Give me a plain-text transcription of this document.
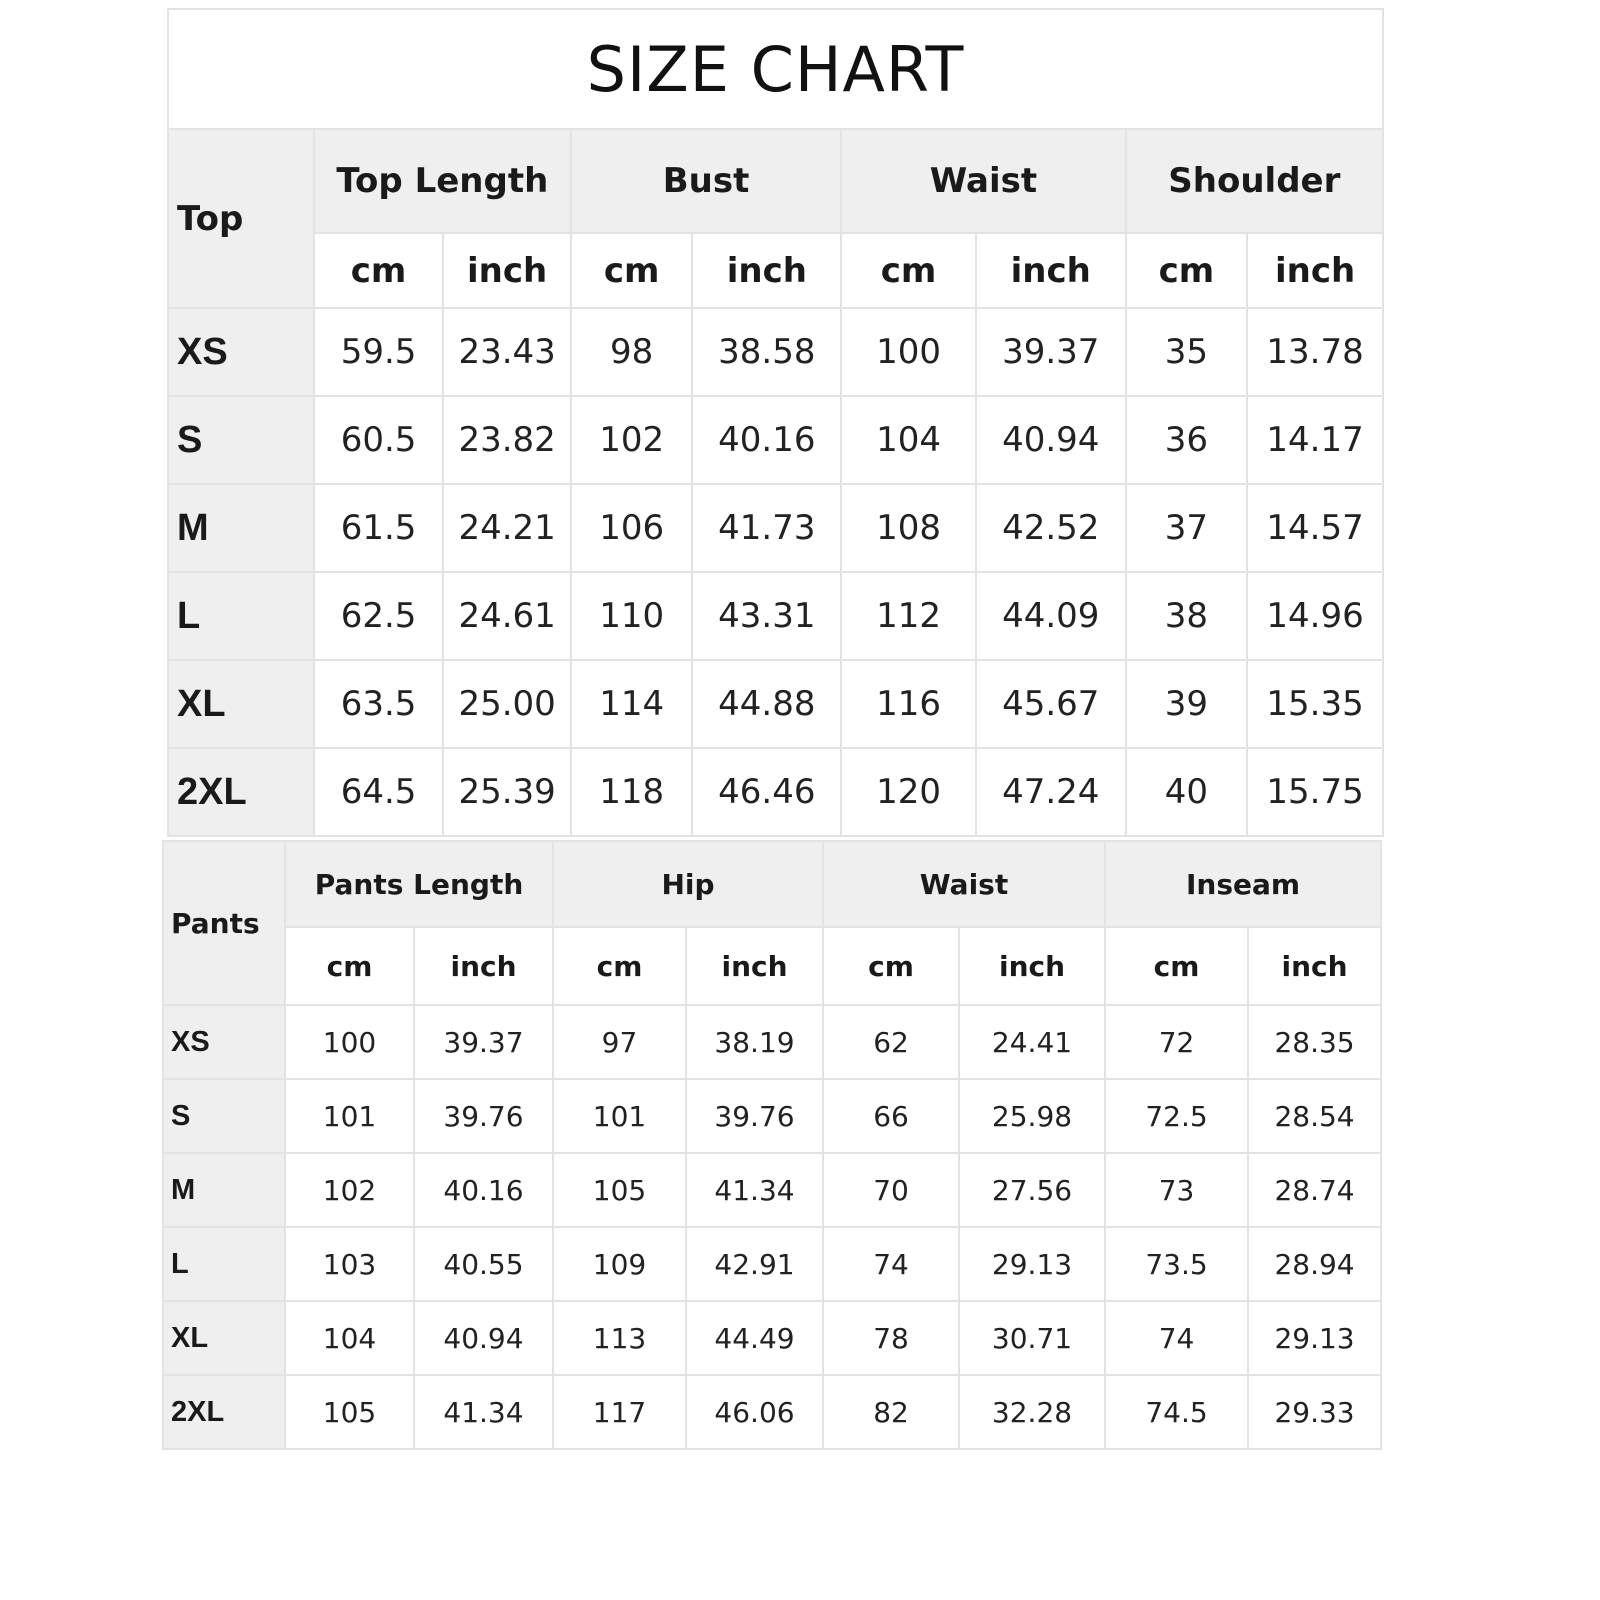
SIZE CHART								
Top	Top Length		Bust		Waist		Shoulder	
	cm	inch	cm	inch	cm	inch	cm	inch
XS	59.5	23.43	98	38.58	100	39.37	35	13.78
S	60.5	23.82	102	40.16	104	40.94	36	14.17
M	61.5	24.21	106	41.73	108	42.52	37	14.57
L	62.5	24.61	110	43.31	112	44.09	38	14.96
XL	63.5	25.00	114	44.88	116	45.67	39	15.35
2XL	64.5	25.39	118	46.46	120	47.24	40	15.75
Pants	Pants Length		Hip		Waist		Inseam	
	cm	inch	cm	inch	cm	inch	cm	inch
XS	100	39.37	97	38.19	62	24.41	72	28.35
S	101	39.76	101	39.76	66	25.98	72.5	28.54
M	102	40.16	105	41.34	70	27.56	73	28.74
L	103	40.55	109	42.91	74	29.13	73.5	28.94
XL	104	40.94	113	44.49	78	30.71	74	29.13
2XL	105	41.34	117	46.06	82	32.28	74.5	29.33
